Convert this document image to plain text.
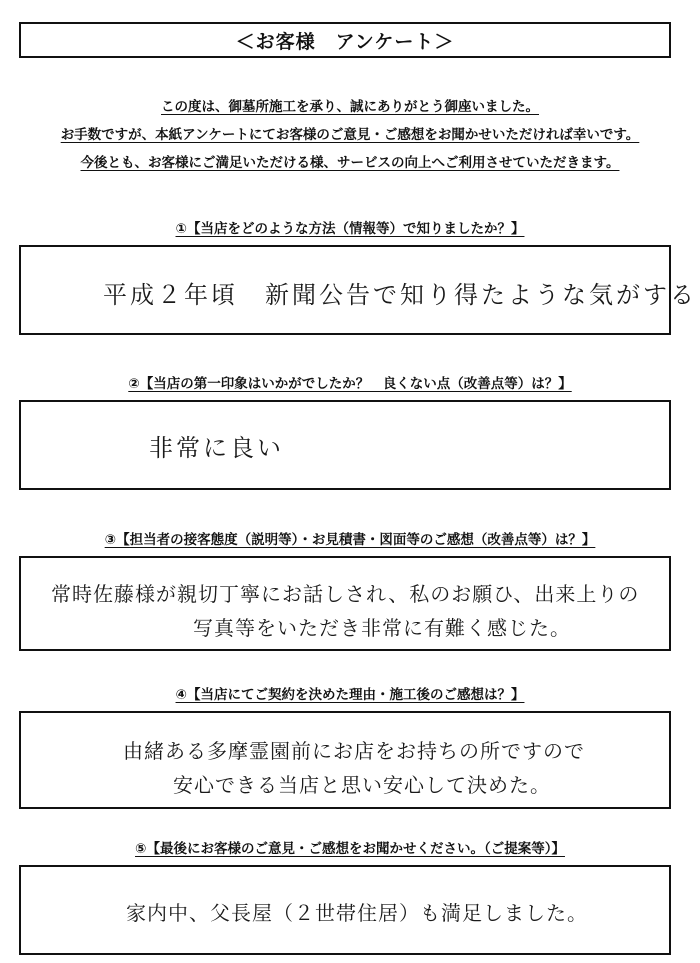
＜お客様　アンケート＞
この度は、御墓所施工を承り、誠にありがとう御座いました。
お手数ですが、本紙アンケートにてお客様のご意見・ご感想をお聞かせいただければ幸いです。
今後とも、お客様にご満足いただける様、サービスの向上へご利用させていただきます。
①【当店をどのような方法（情報等）で知りましたか？】
平成２年頃　新聞公告で知り得たような気がする
②【当店の第一印象はいかがでしたか？　良くない点（改善点等）は？】
非常に良い
③【担当者の接客態度（説明等）・お見積書・図面等のご感想（改善点等）は？】
常時佐藤様が親切丁寧にお話しされ、私のお願ひ、出来上りの
写真等をいただき非常に有難く感じた。
④【当店にてご契約を決めた理由・施工後のご感想は？】
由緒ある多摩霊園前にお店をお持ちの所ですので
安心できる当店と思い安心して決めた。
⑤【最後にお客様のご意見・ご感想をお聞かせください。（ご提案等）】
家内中、父長屋（２世帯住居）も満足しました。
